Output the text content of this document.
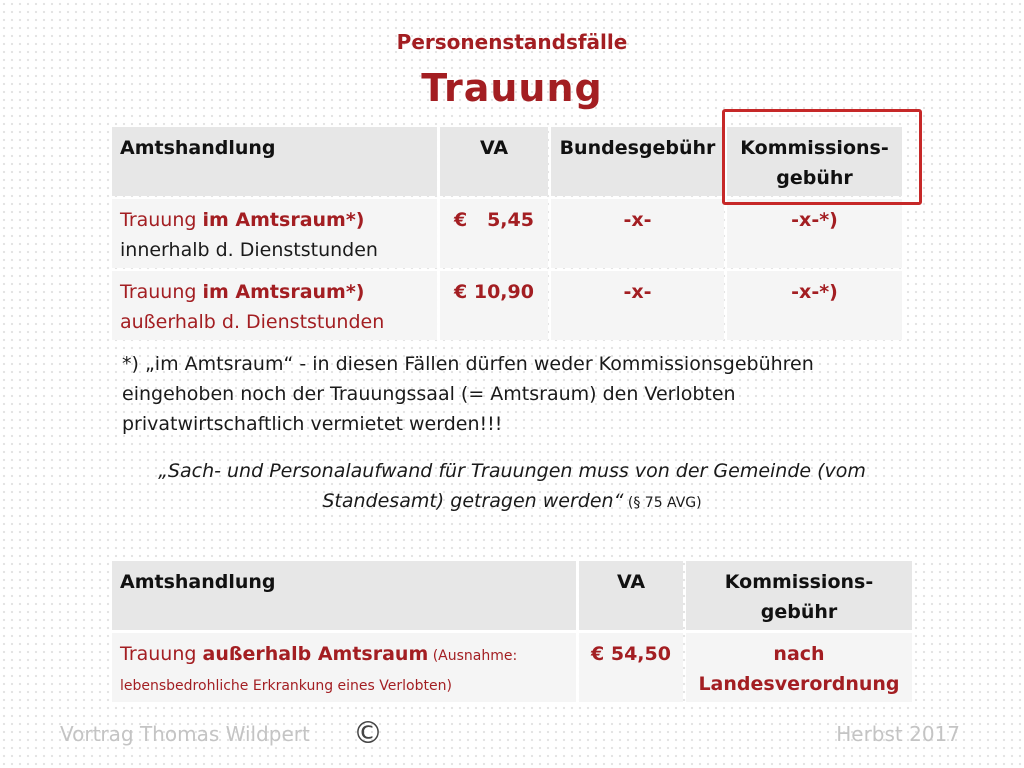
Personenstandsfälle
Trauung
Amtshandlung	VA	Bundesgebühr	Kommissions-
gebühr
Trauung im Amtsraum*)
innerhalb d. Dienststunden	€   5,45	-x-	-x-*)
Trauung im Amtsraum*)
außerhalb d. Dienststunden	€ 10,90	-x-	-x-*)
*) „im Amtsraum“ - in diesen Fällen dürfen weder Kommissionsgebühren eingehoben noch der Trauungssaal (= Amtsraum) den Verlobten privatwirtschaftlich vermietet werden!!!
„Sach- und Personalaufwand für Trauungen muss von der Gemeinde (vom Standesamt) getragen werden“ (§ 75 AVG)
Amtshandlung	VA	Kommissions-
gebühr
Trauung außerhalb Amtsraum (Ausnahme:
lebensbedrohliche Erkrankung eines Verlobten)	€ 54,50	nach
Landesverordnung
Vortrag Thomas Wildpert ©	Herbst 2017
